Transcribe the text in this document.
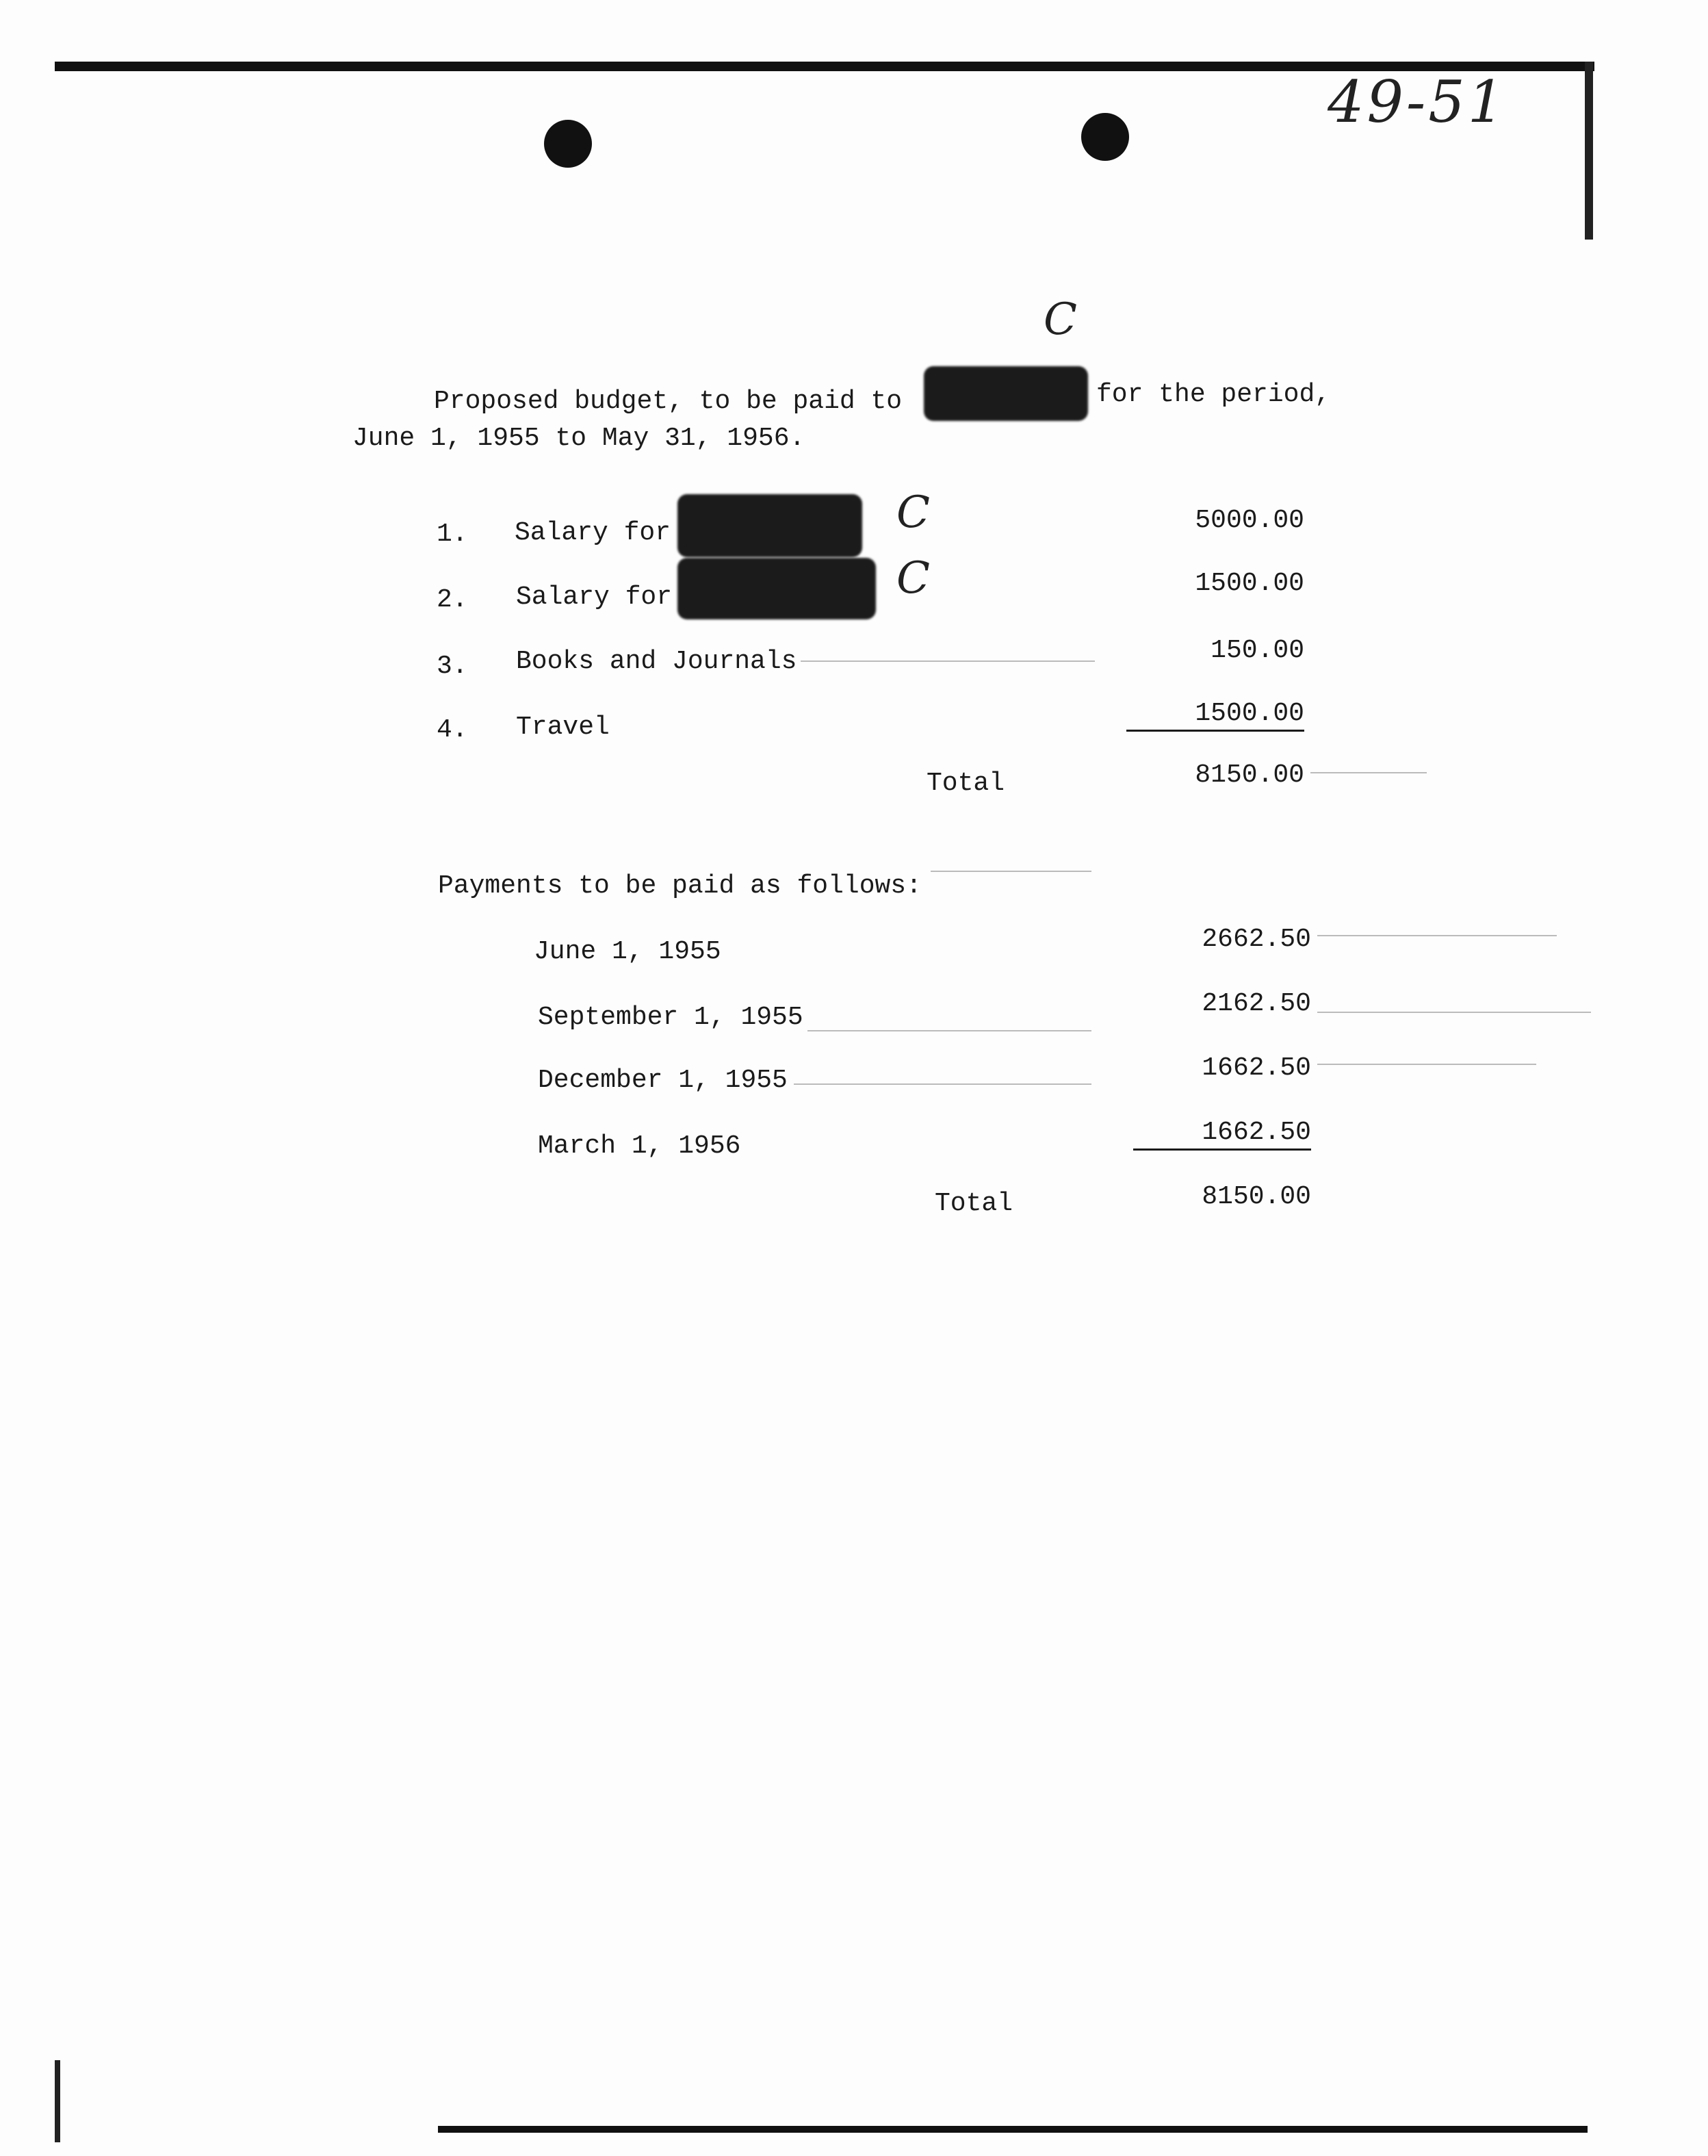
49-51
Proposed budget, to be paid to
C
for the period,
June 1, 1955 to May 31, 1956.
1. Salary for	C	5000.00
2. Salary for	C	1500.00
3. Books and Journals	150.00
4. Travel	1500.00
Total	8150.00
Payments to be paid as follows:
June 1, 1955	2662.50
September 1, 1955	2162.50
December 1, 1955	1662.50
March 1, 1956	1662.50
Total	8150.00
